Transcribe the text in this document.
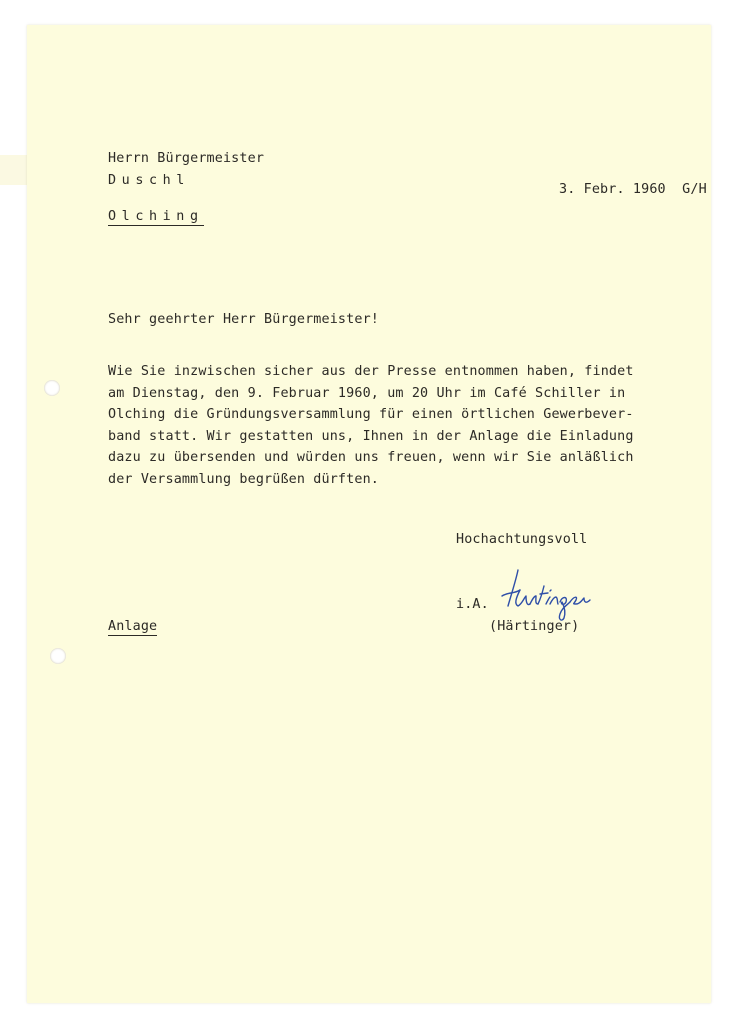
Herrn Bürgermeister
Duschl
Olching
3. Febr. 1960  G/H
Sehr geehrter Herr Bürgermeister!
Wie Sie inzwischen sicher aus der Presse entnommen haben, findet
am Dienstag, den 9. Februar 1960, um 20 Uhr im Café Schiller in
Olching die Gründungsversammlung für einen örtlichen Gewerbever-
band statt. Wir gestatten uns, Ihnen in der Anlage die Einladung
dazu zu übersenden und würden uns freuen, wenn wir Sie anläßlich
der Versammlung begrüßen dürften.
Hochachtungsvoll
i.A.
(Härtinger)
Anlage
